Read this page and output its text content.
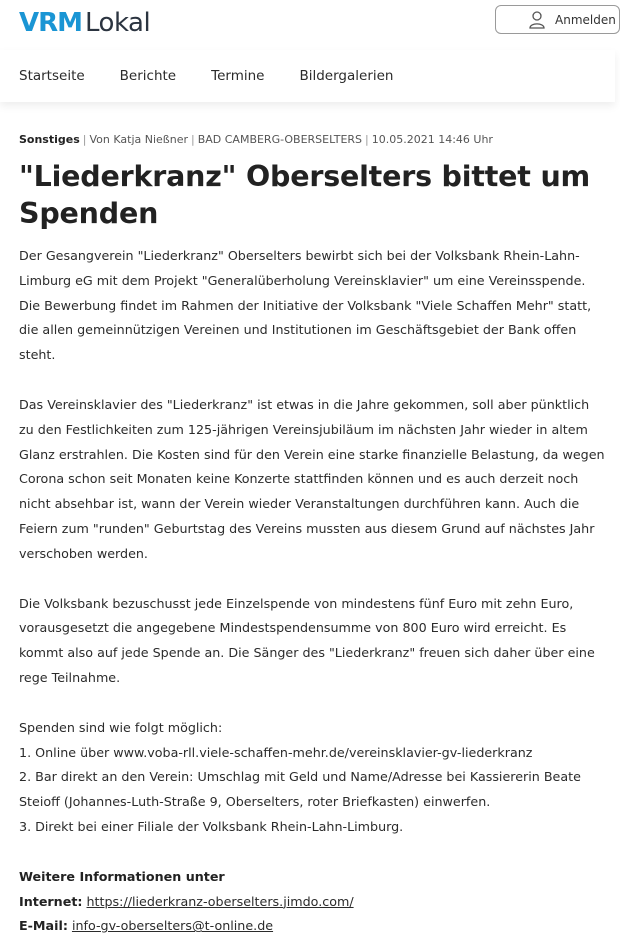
VRM Lokal	Anmelden
Startseite	Berichte	Termine	Bildergalerien
Sonstiges | Von Katja Nießner | BAD CAMBERG-OBERSELTERS | 10.05.2021 14:46 Uhr
"Liederkranz" Oberselters bittet um Spenden

Der Gesangverein "Liederkranz" Oberselters bewirbt sich bei der Volksbank Rhein-Lahn-Limburg eG mit dem Projekt "Generalüberholung Vereinsklavier" um eine Vereinsspende. Die Bewerbung findet im Rahmen der Initiative der Volksbank "Viele Schaffen Mehr" statt, die allen gemeinnützigen Vereinen und Institutionen im Geschäftsgebiet der Bank offen steht.

Das Vereinsklavier des "Liederkranz" ist etwas in die Jahre gekommen, soll aber pünktlich zu den Festlichkeiten zum 125-jährigen Vereinsjubiläum im nächsten Jahr wieder in altem Glanz erstrahlen. Die Kosten sind für den Verein eine starke finanzielle Belastung, da wegen Corona schon seit Monaten keine Konzerte stattfinden können und es auch derzeit noch nicht absehbar ist, wann der Verein wieder Veranstaltungen durchführen kann. Auch die Feiern zum "runden" Geburtstag des Vereins mussten aus diesem Grund auf nächstes Jahr verschoben werden.

Die Volksbank bezuschusst jede Einzelspende von mindestens fünf Euro mit zehn Euro, vorausgesetzt die angegebene Mindestspendensumme von 800 Euro wird erreicht. Es kommt also auf jede Spende an. Die Sänger des "Liederkranz" freuen sich daher über eine rege Teilnahme.

Spenden sind wie folgt möglich:
1. Online über www.voba-rll.viele-schaffen-mehr.de/vereinsklavier-gv-liederkranz
2. Bar direkt an den Verein: Umschlag mit Geld und Name/Adresse bei Kassiererin Beate Steioff (Johannes-Luth-Straße 9, Oberselters, roter Briefkasten) einwerfen.
3. Direkt bei einer Filiale der Volksbank Rhein-Lahn-Limburg.
Weitere Informationen unter
Internet: https://liederkranz-oberselters.jimdo.com/
E-Mail: info-gv-oberselters@t-online.de
